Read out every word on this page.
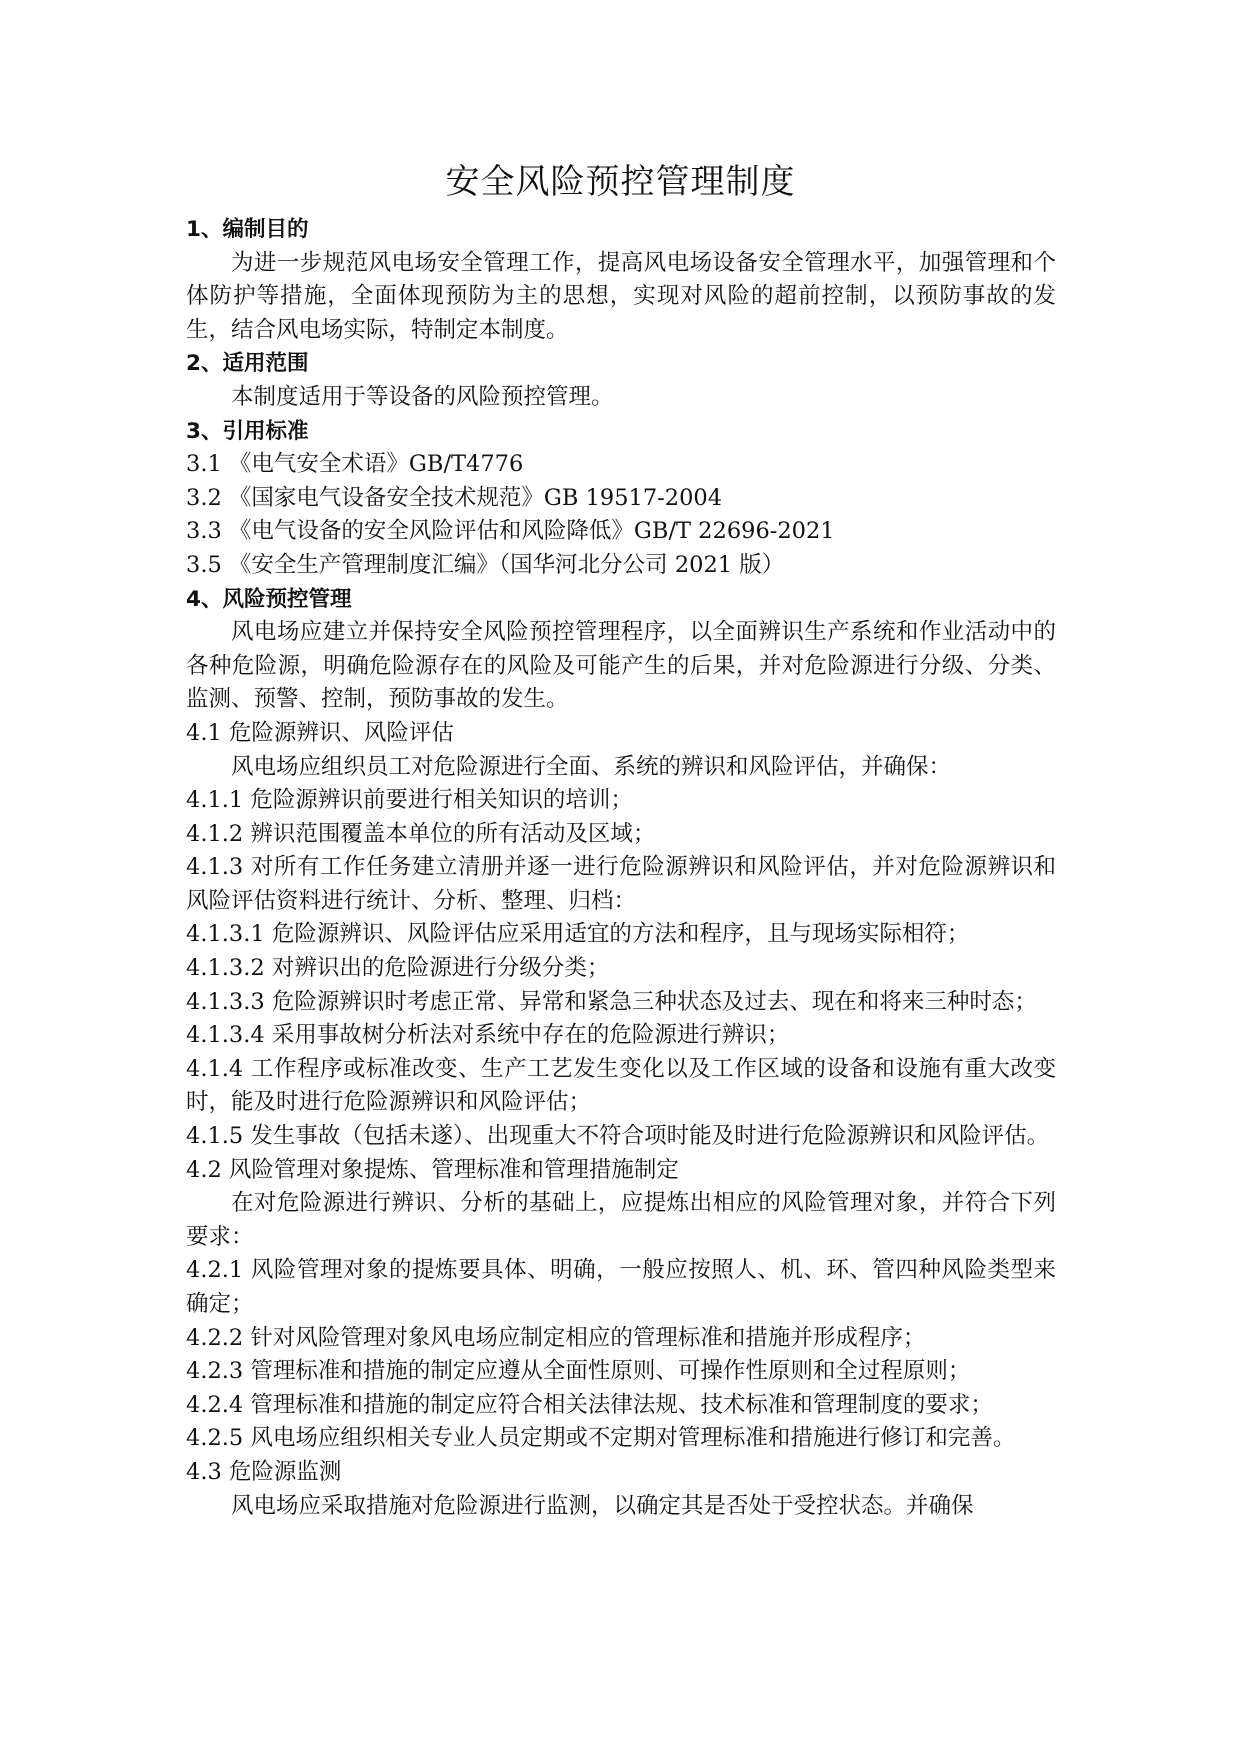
安全风险预控管理制度
1、编制目的
为进一步规范风电场安全管理工作，提高风电场设备安全管理水平，加强管理和个体防护等措施，全面体现预防为主的思想，实现对风险的超前控制，以预防事故的发生，结合风电场实际，特制定本制度。
2、适用范围
本制度适用于等设备的风险预控管理。
3、引用标准
3.1 《电气安全术语》GB/T4776
3.2 《国家电气设备安全技术规范》GB 19517-2004
3.3 《电气设备的安全风险评估和风险降低》GB/T 22696-2021
3.5 《安全生产管理制度汇编》（国华河北分公司 2021 版）
4、风险预控管理
风电场应建立并保持安全风险预控管理程序，以全面辨识生产系统和作业活动中的各种危险源，明确危险源存在的风险及可能产生的后果，并对危险源进行分级、分类、监测、预警、控制，预防事故的发生。
4.1 危险源辨识、风险评估
风电场应组织员工对危险源进行全面、系统的辨识和风险评估，并确保：
4.1.1 危险源辨识前要进行相关知识的培训；
4.1.2 辨识范围覆盖本单位的所有活动及区域；
4.1.3 对所有工作任务建立清册并逐一进行危险源辨识和风险评估，并对危险源辨识和风险评估资料进行统计、分析、整理、归档：
4.1.3.1 危险源辨识、风险评估应采用适宜的方法和程序，且与现场实际相符；
4.1.3.2 对辨识出的危险源进行分级分类；
4.1.3.3 危险源辨识时考虑正常、异常和紧急三种状态及过去、现在和将来三种时态；
4.1.3.4 采用事故树分析法对系统中存在的危险源进行辨识；
4.1.4 工作程序或标准改变、生产工艺发生变化以及工作区域的设备和设施有重大改变时，能及时进行危险源辨识和风险评估；
4.1.5 发生事故（包括未遂）、出现重大不符合项时能及时进行危险源辨识和风险评估。
4.2 风险管理对象提炼、管理标准和管理措施制定
在对危险源进行辨识、分析的基础上，应提炼出相应的风险管理对象，并符合下列要求：
4.2.1 风险管理对象的提炼要具体、明确，一般应按照人、机、环、管四种风险类型来确定；
4.2.2 针对风险管理对象风电场应制定相应的管理标准和措施并形成程序；
4.2.3 管理标准和措施的制定应遵从全面性原则、可操作性原则和全过程原则；
4.2.4 管理标准和措施的制定应符合相关法律法规、技术标准和管理制度的要求；
4.2.5 风电场应组织相关专业人员定期或不定期对管理标准和措施进行修订和完善。
4.3 危险源监测
风电场应采取措施对危险源进行监测，以确定其是否处于受控状态。并确保
